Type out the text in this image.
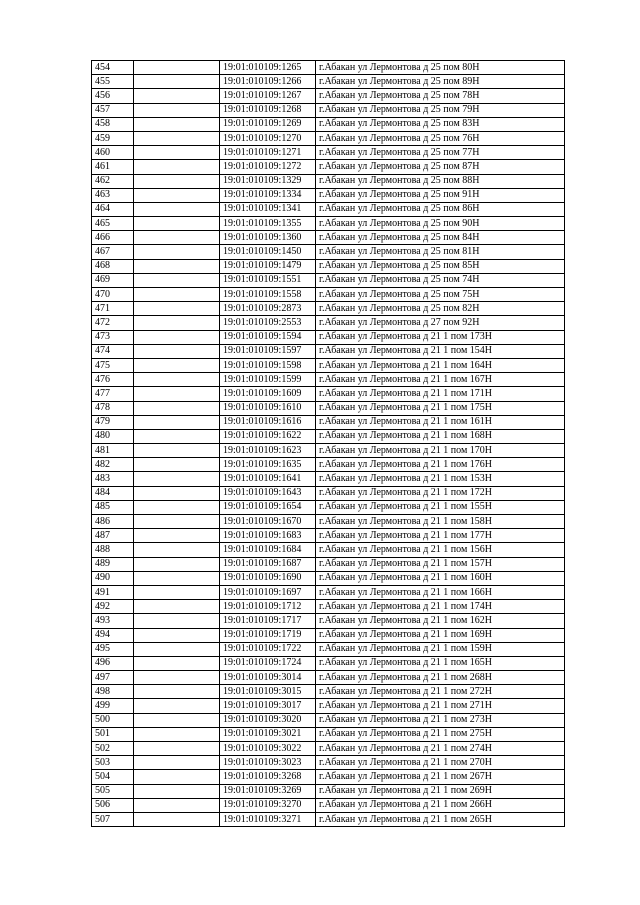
454		19:01:010109:1265	г.Абакан ул Лермонтова д 25 пом 80Н
455		19:01:010109:1266	г.Абакан ул Лермонтова д 25 пом 89Н
456		19:01:010109:1267	г.Абакан ул Лермонтова д 25 пом 78Н
457		19:01:010109:1268	г.Абакан ул Лермонтова д 25 пом 79Н
458		19:01:010109:1269	г.Абакан ул Лермонтова д 25 пом 83Н
459		19:01:010109:1270	г.Абакан ул Лермонтова д 25 пом 76Н
460		19:01:010109:1271	г.Абакан ул Лермонтова д 25 пом 77Н
461		19:01:010109:1272	г.Абакан ул Лермонтова д 25 пом 87Н
462		19:01:010109:1329	г.Абакан ул Лермонтова д 25 пом 88Н
463		19:01:010109:1334	г.Абакан ул Лермонтова д 25 пом 91Н
464		19:01:010109:1341	г.Абакан ул Лермонтова д 25 пом 86Н
465		19:01:010109:1355	г.Абакан ул Лермонтова д 25 пом 90Н
466		19:01:010109:1360	г.Абакан ул Лермонтова д 25 пом 84Н
467		19:01:010109:1450	г.Абакан ул Лермонтова д 25 пом 81Н
468		19:01:010109:1479	г.Абакан ул Лермонтова д 25 пом 85Н
469		19:01:010109:1551	г.Абакан ул Лермонтова д 25 пом 74Н
470		19:01:010109:1558	г.Абакан ул Лермонтова д 25 пом 75Н
471		19:01:010109:2873	г.Абакан ул Лермонтова д 25 пом 82Н
472		19:01:010109:2553	г.Абакан ул Лермонтова д 27 пом 92Н
473		19:01:010109:1594	г.Абакан ул Лермонтова д 21 1 пом 173Н
474		19:01:010109:1597	г.Абакан ул Лермонтова д 21 1 пом 154Н
475		19:01:010109:1598	г.Абакан ул Лермонтова д 21 1 пом 164Н
476		19:01:010109:1599	г.Абакан ул Лермонтова д 21 1 пом 167Н
477		19:01:010109:1609	г.Абакан ул Лермонтова д 21 1 пом 171Н
478		19:01:010109:1610	г.Абакан ул Лермонтова д 21 1 пом 175Н
479		19:01:010109:1616	г.Абакан ул Лермонтова д 21 1 пом 161Н
480		19:01:010109:1622	г.Абакан ул Лермонтова д 21 1 пом 168Н
481		19:01:010109:1623	г.Абакан ул Лермонтова д 21 1 пом 170Н
482		19:01:010109:1635	г.Абакан ул Лермонтова д 21 1 пом 176Н
483		19:01:010109:1641	г.Абакан ул Лермонтова д 21 1 пом 153Н
484		19:01:010109:1643	г.Абакан ул Лермонтова д 21 1 пом 172Н
485		19:01:010109:1654	г.Абакан ул Лермонтова д 21 1 пом 155Н
486		19:01:010109:1670	г.Абакан ул Лермонтова д 21 1 пом 158Н
487		19:01:010109:1683	г.Абакан ул Лермонтова д 21 1 пом 177Н
488		19:01:010109:1684	г.Абакан ул Лермонтова д 21 1 пом 156Н
489		19:01:010109:1687	г.Абакан ул Лермонтова д 21 1 пом 157Н
490		19:01:010109:1690	г.Абакан ул Лермонтова д 21 1 пом 160Н
491		19:01:010109:1697	г.Абакан ул Лермонтова д 21 1 пом 166Н
492		19:01:010109:1712	г.Абакан ул Лермонтова д 21 1 пом 174Н
493		19:01:010109:1717	г.Абакан ул Лермонтова д 21 1 пом 162Н
494		19:01:010109:1719	г.Абакан ул Лермонтова д 21 1 пом 169Н
495		19:01:010109:1722	г.Абакан ул Лермонтова д 21 1 пом 159Н
496		19:01:010109:1724	г.Абакан ул Лермонтова д 21 1 пом 165Н
497		19:01:010109:3014	г.Абакан ул Лермонтова д 21 1 пом 268Н
498		19:01:010109:3015	г.Абакан ул Лермонтова д 21 1 пом 272Н
499		19:01:010109:3017	г.Абакан ул Лермонтова д 21 1 пом 271Н
500		19:01:010109:3020	г.Абакан ул Лермонтова д 21 1 пом 273Н
501		19:01:010109:3021	г.Абакан ул Лермонтова д 21 1 пом 275Н
502		19:01:010109:3022	г.Абакан ул Лермонтова д 21 1 пом 274Н
503		19:01:010109:3023	г.Абакан ул Лермонтова д 21 1 пом 270Н
504		19:01:010109:3268	г.Абакан ул Лермонтова д 21 1 пом 267Н
505		19:01:010109:3269	г.Абакан ул Лермонтова д 21 1 пом 269Н
506		19:01:010109:3270	г.Абакан ул Лермонтова д 21 1 пом 266Н
507		19:01:010109:3271	г.Абакан ул Лермонтова д 21 1 пом 265Н
